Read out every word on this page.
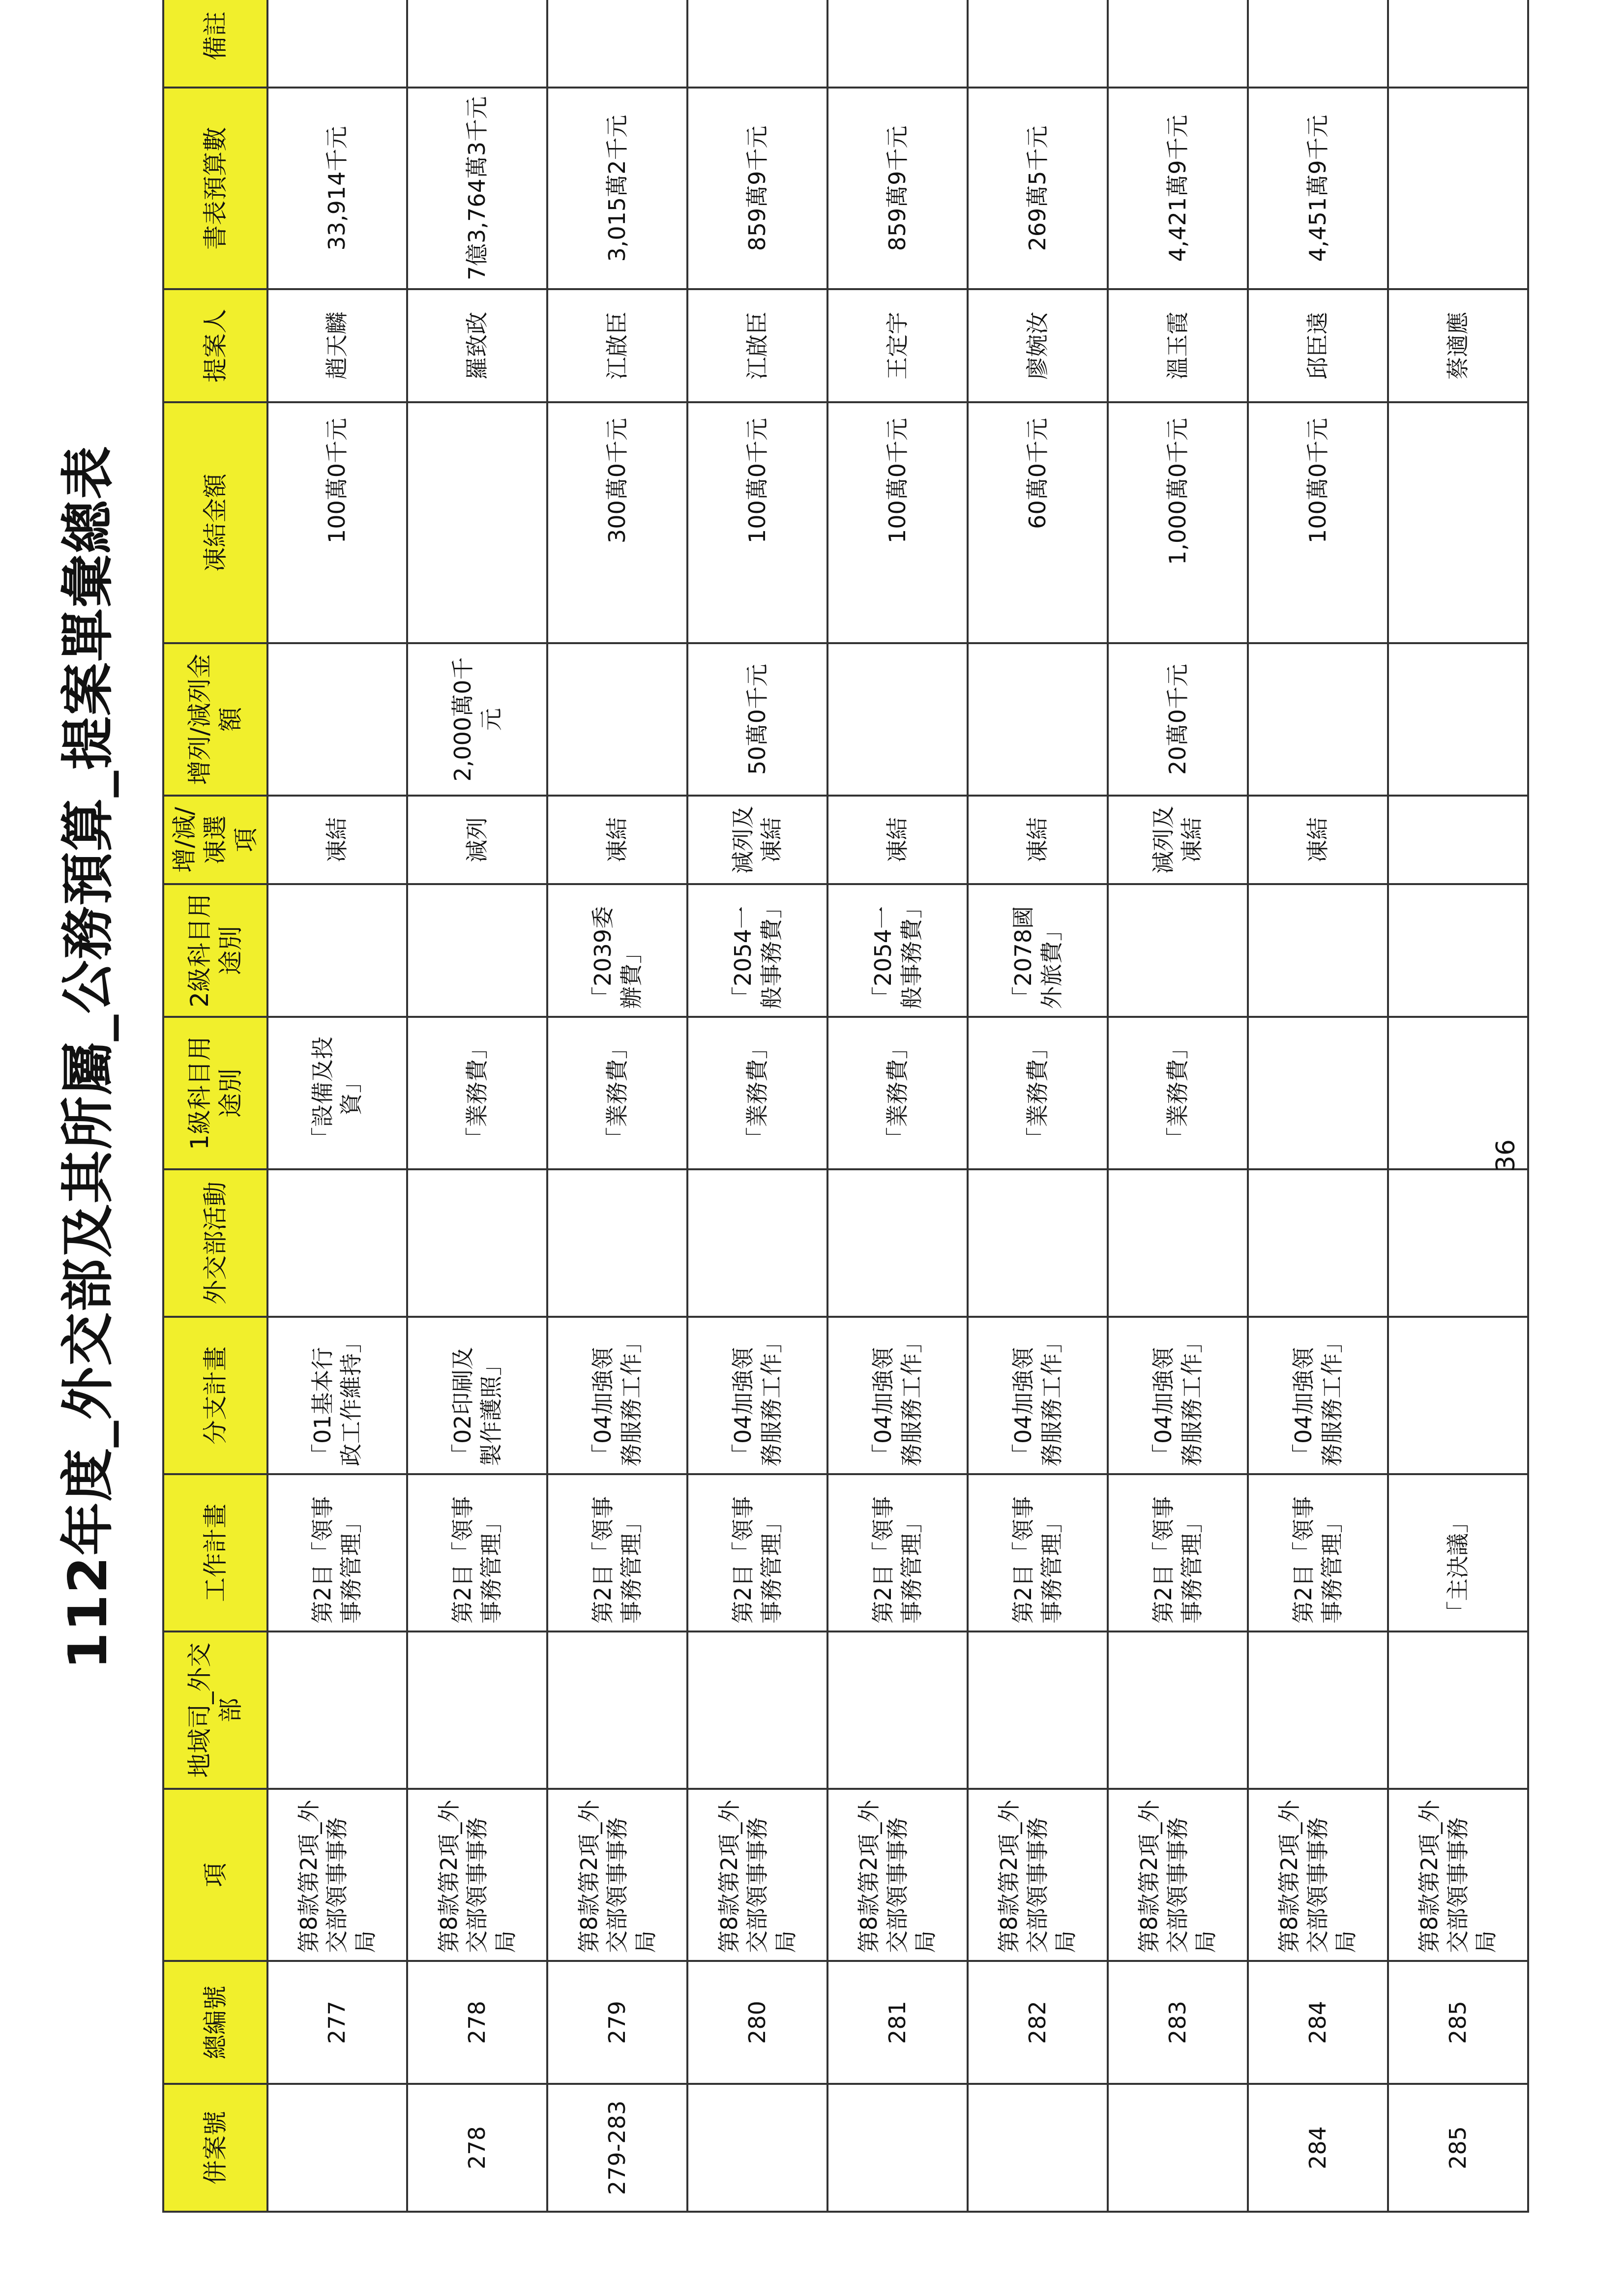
112年度_外交部及其所屬_公務預算_提案單彙總表
併案號	總編號	項	地域司_外交部	工作計畫	分支計畫	外交部活動	1級科目用途別	2級科目用途別	增/減/凍選項	增列/減列金額	凍結金額	提案人	書表預算數	備註
	277	第8款第2項_外交部領事事務局		第2目「領事事務管理」	「01基本行政工作維持」		「設備及投資」		凍結		100萬0千元	趙天麟	33,914千元	
278	278	第8款第2項_外交部領事事務局		第2目「領事事務管理」	「02印刷及製作護照」		「業務費」		減列	2,000萬0千元		羅致政	7億3,764萬3千元	
279-283	279	第8款第2項_外交部領事事務局		第2目「領事事務管理」	「04加強領務服務工作」		「業務費」	「2039委辦費」	凍結		300萬0千元	江啟臣	3,015萬2千元	
	280	第8款第2項_外交部領事事務局		第2目「領事事務管理」	「04加強領務服務工作」		「業務費」	「2054一般事務費」	減列及凍結	50萬0千元	100萬0千元	江啟臣	859萬9千元	
	281	第8款第2項_外交部領事事務局		第2目「領事事務管理」	「04加強領務服務工作」		「業務費」	「2054一般事務費」	凍結		100萬0千元	王定宇	859萬9千元	
	282	第8款第2項_外交部領事事務局		第2目「領事事務管理」	「04加強領務服務工作」		「業務費」	「2078國外旅費」	凍結		60萬0千元	廖婉汝	269萬5千元	
	283	第8款第2項_外交部領事事務局		第2目「領事事務管理」	「04加強領務服務工作」		「業務費」		減列及凍結	20萬0千元	1,000萬0千元	溫玉霞	4,421萬9千元	
284	284	第8款第2項_外交部領事事務局		第2目「領事事務管理」	「04加強領務服務工作」				凍結		100萬0千元	邱臣遠	4,451萬9千元	
285	285	第8款第2項_外交部領事事務局		「主決議」								蔡適應		
36
